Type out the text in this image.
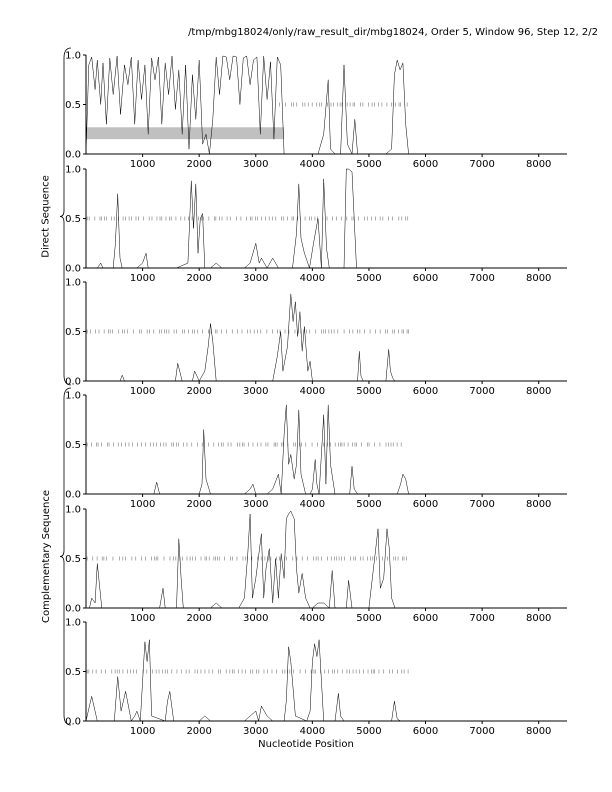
/tmp/mbg18024/only/raw_result_dir/mbg18024, Order 5, Window 96, Step 12, 2/2
0.0
0.5
1.0
1000	2000	3000	4000	5000	6000	7000	8000
0.0
0.5
1.0
1000	2000	3000	4000	5000	6000	7000	8000
0.0
0.5
1.0
1000	2000	3000	4000	5000	6000	7000	8000
0.0
0.5
1.0
1000	2000	3000	4000	5000	6000	7000	8000
0.0
0.5
1.0
1000	2000	3000	4000	5000	6000	7000	8000
0.0
0.5
1.0
1000	2000	3000	4000	5000	6000	7000	8000
Direct Sequence
Complementary Sequence
Nucleotide Position
